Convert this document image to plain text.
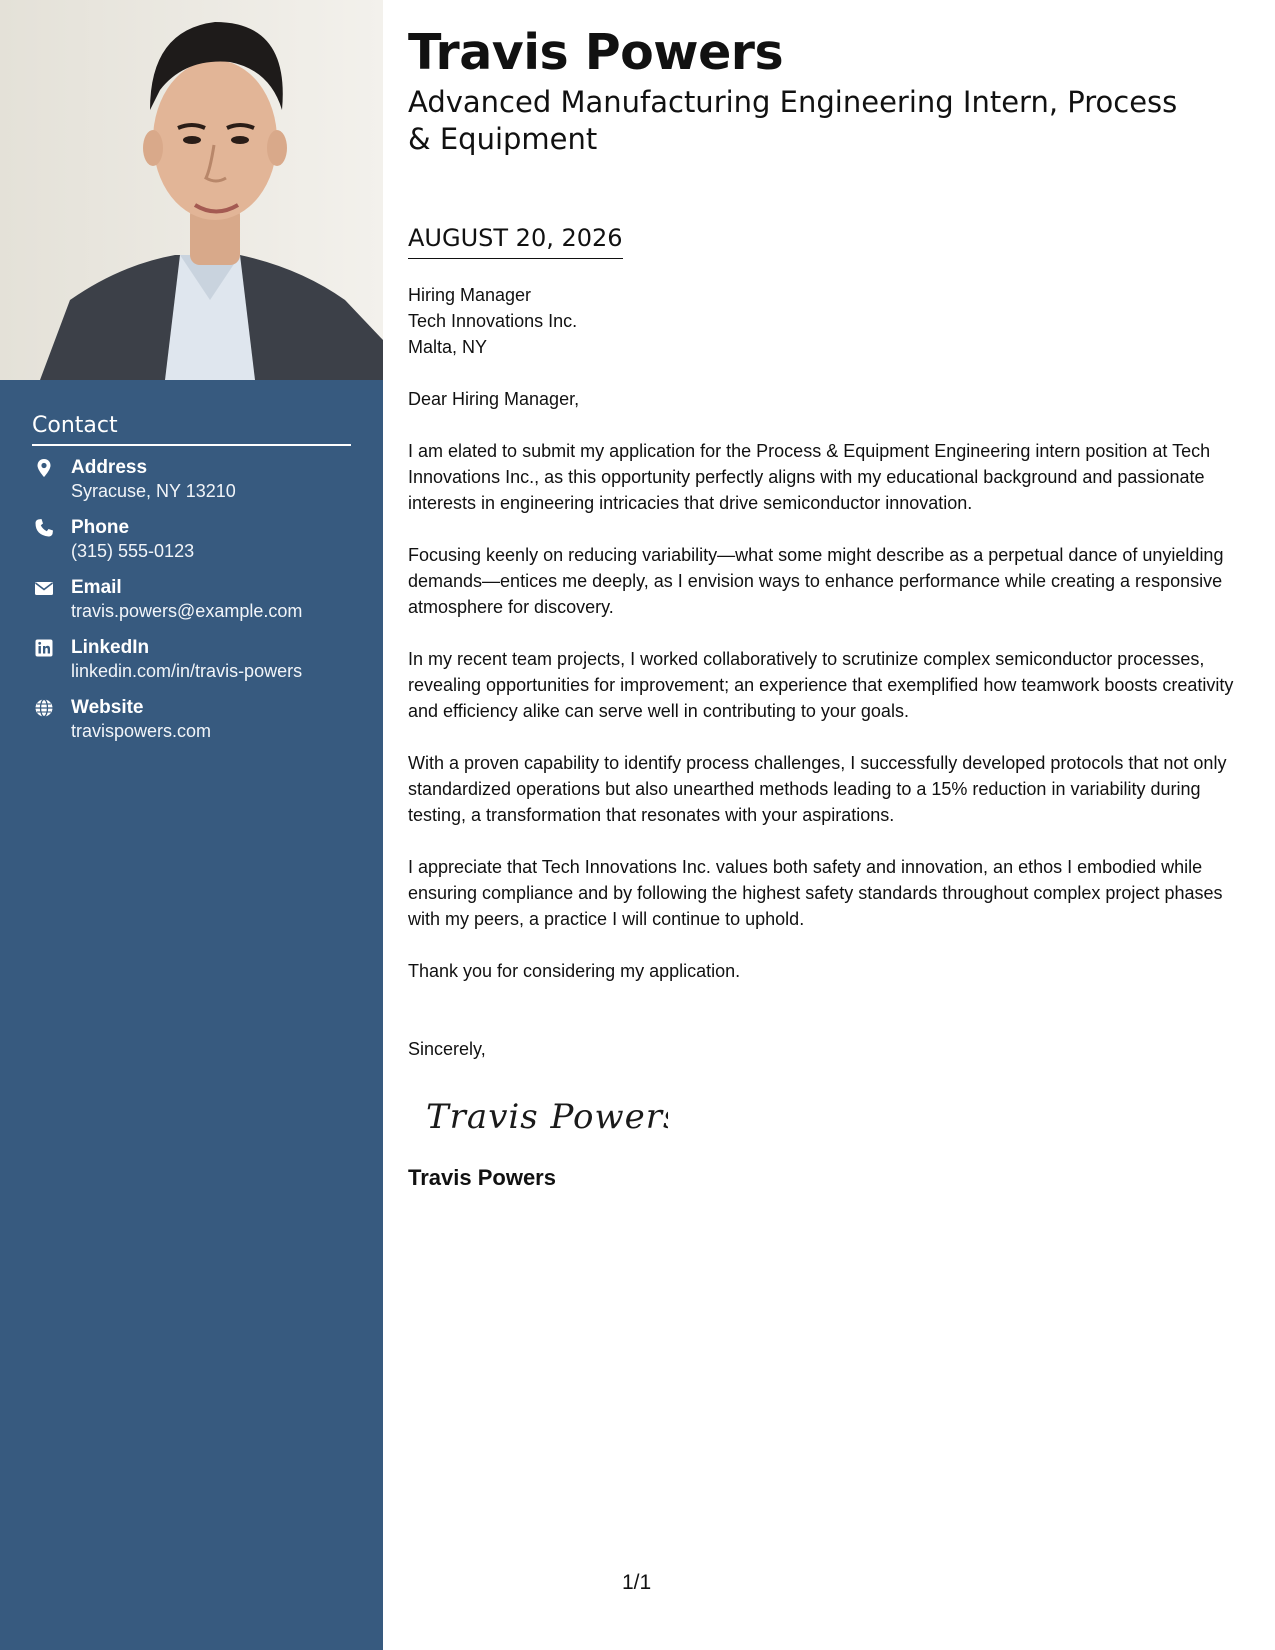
Contact
Address
Syracuse, NY 13210
Phone
(315) 555-0123
Email
travis.powers@example.com
LinkedIn
linkedin.com/in/travis-powers
Website
travispowers.com
Travis Powers
Advanced Manufacturing Engineering Intern, Process & Equipment
AUGUST 20, 2026
Hiring Manager
Tech Innovations Inc.
Malta, NY

Dear Hiring Manager,

I am elated to submit my application for the Process & Equipment Engineering intern position at Tech Innovations Inc., as this opportunity perfectly aligns with my educational background and passionate interests in engineering intricacies that drive semiconductor innovation.

Focusing keenly on reducing variability—what some might describe as a perpetual dance of unyielding demands—entices me deeply, as I envision ways to enhance performance while creating a responsive atmosphere for discovery.

In my recent team projects, I worked collaboratively to scrutinize complex semiconductor processes, revealing opportunities for improvement; an experience that exemplified how teamwork boosts creativity and efficiency alike can serve well in contributing to your goals.

With a proven capability to identify process challenges, I successfully developed protocols that not only standardized operations but also unearthed methods leading to a 15% reduction in variability during testing, a transformation that resonates with your aspirations.

I appreciate that Tech Innovations Inc. values both safety and innovation, an ethos I embodied while ensuring compliance and by following the highest safety standards throughout complex project phases with my peers, a practice I will continue to uphold.

Thank you for considering my application.

Sincerely,
Travis Powers
Travis Powers
1/1
